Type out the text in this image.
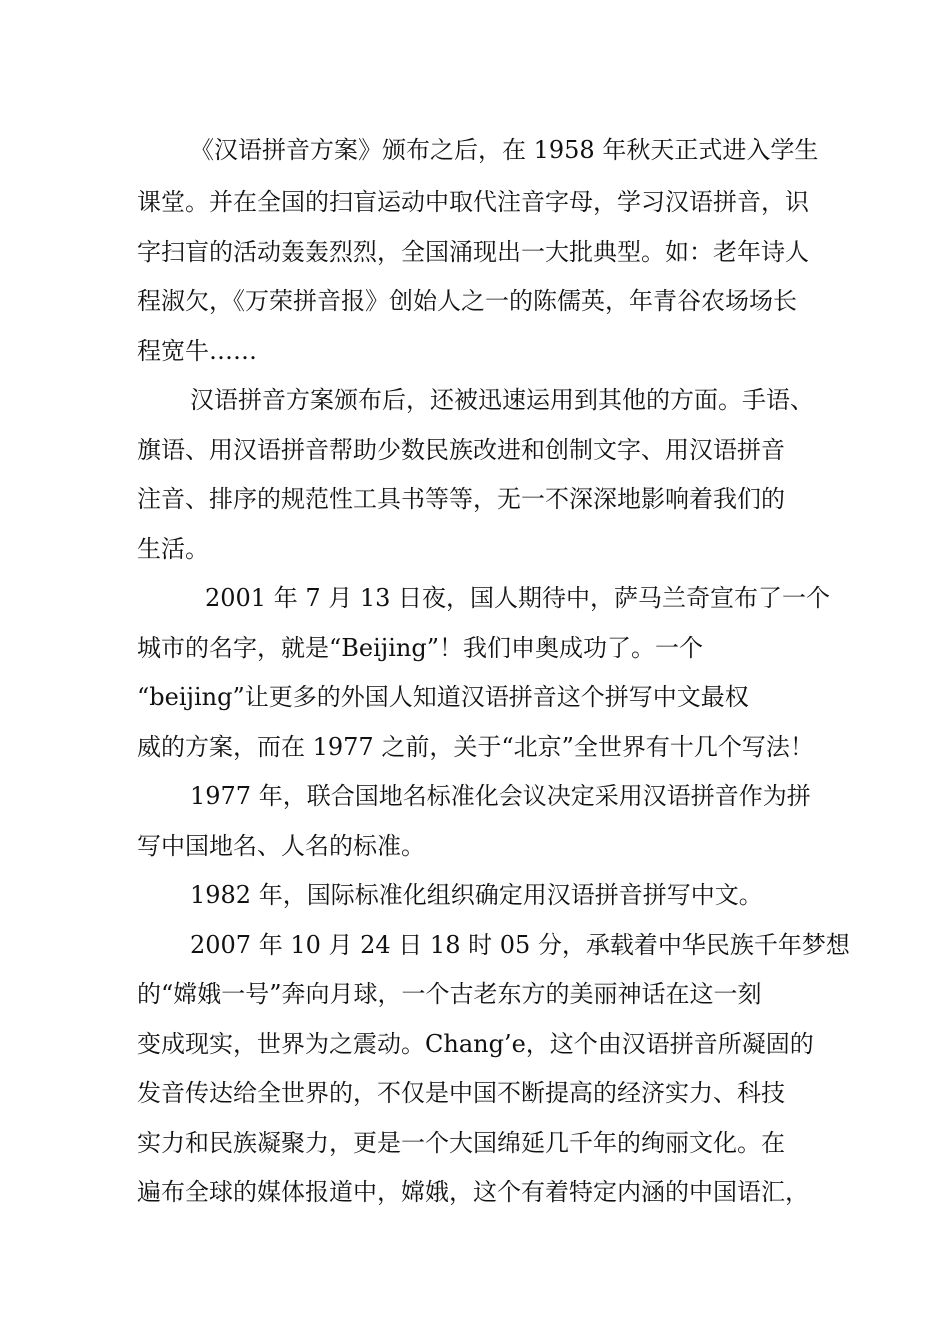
《汉语拼音方案》颁布之后，在 1958 年秋天正式进入学生
课堂。并在全国的扫盲运动中取代注音字母，学习汉语拼音，识
字扫盲的活动轰轰烈烈，全国涌现出一大批典型。如：老年诗人
程淑欠，《万荣拼音报》创始人之一的陈儒英，年青谷农场场长
程宽牛……
汉语拼音方案颁布后，还被迅速运用到其他的方面。手语、
旗语、用汉语拼音帮助少数民族改进和创制文字、用汉语拼音
注音、排序的规范性工具书等等，无一不深深地影响着我们的
生活。
2001 年 7 月 13 日夜，国人期待中，萨马兰奇宣布了一个
城市的名字，就是“Beijing”！我们申奥成功了。一个
“beijing”让更多的外国人知道汉语拼音这个拼写中文最权
威的方案，而在 1977 之前，关于“北京”全世界有十几个写法！
1977 年，联合国地名标准化会议决定采用汉语拼音作为拼
写中国地名、人名的标准。
1982 年，国际标准化组织确定用汉语拼音拼写中文。
2007 年 10 月 24 日 18 时 05 分，承载着中华民族千年梦想
的“嫦娥一号”奔向月球，一个古老东方的美丽神话在这一刻
变成现实，世界为之震动。Chang’e，这个由汉语拼音所凝固的
发音传达给全世界的，不仅是中国不断提高的经济实力、科技
实力和民族凝聚力，更是一个大国绵延几千年的绚丽文化。在
遍布全球的媒体报道中，嫦娥，这个有着特定内涵的中国语汇，
